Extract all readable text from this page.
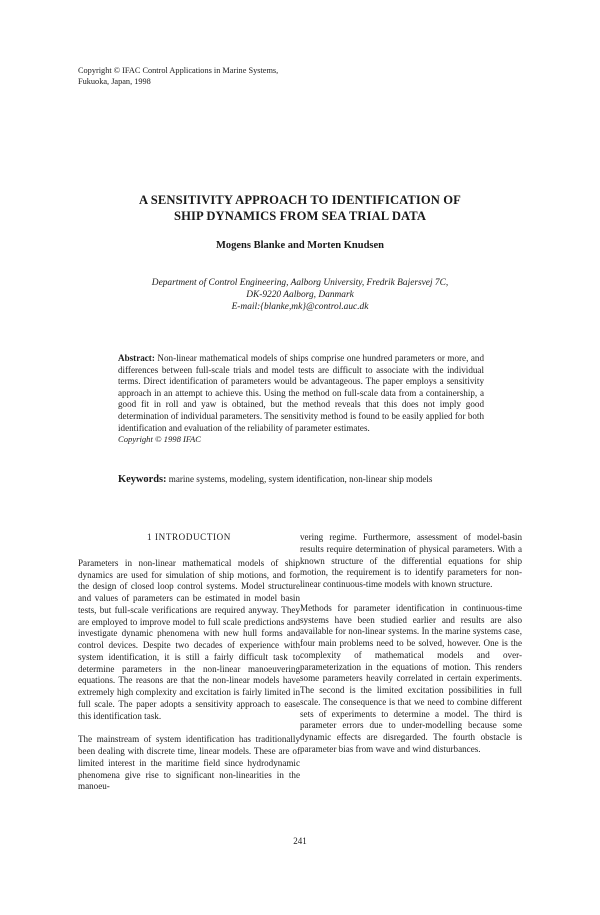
Copyright © IFAC Control Applications in Marine Systems,
Fukuoka, Japan, 1998
A SENSITIVITY APPROACH TO IDENTIFICATION OF
SHIP DYNAMICS FROM SEA TRIAL DATA
Mogens Blanke and Morten Knudsen
Department of Control Engineering, Aalborg University, Fredrik Bajersvej 7C,
DK-9220 Aalborg, Danmark
E-mail:{blanke,mk}@control.auc.dk
Abstract: Non-linear mathematical models of ships comprise one hundred parameters or more, and differences between full-scale trials and model tests are difficult to associate with the individual terms. Direct identification of parameters would be advantageous. The paper employs a sensitivity approach in an attempt to achieve this. Using the method on full-scale data from a containership, a good fit in roll and yaw is obtained, but the method reveals that this does not imply good determination of individual parameters. The sensitivity method is found to be easily applied for both identification and evaluation of the reliability of parameter estimates.
Copyright © 1998 IFAC
Keywords: marine systems, modeling, system identification, non-linear ship models
1 INTRODUCTION

Parameters in non-linear mathematical models of ship dynamics are used for simulation of ship motions, and for the design of closed loop control systems. Model structure and values of parameters can be estimated in model basin tests, but full-scale verifications are required anyway. They are employed to improve model to full scale predictions and investigate dynamic phenomena with new hull forms and control devices. Despite two decades of experience with system identification, it is still a fairly difficult task to determine parameters in the non-linear manoeuvering equations. The reasons are that the non-linear models have extremely high complexity and excitation is fairly limited in full scale. The paper adopts a sensitivity approach to ease this identification task.

The mainstream of system identification has traditionally been dealing with discrete time, linear models. These are of limited interest in the maritime field since hydrodynamic phenomena give rise to significant non-linearities in the manoeu-

vering regime. Furthermore, assessment of model-basin results require determination of physical parameters. With a known structure of the differential equations for ship motion, the requirement is to identify parameters for non-linear continuous-time models with known structure.

Methods for parameter identification in continuous-time systems have been studied earlier and results are also available for non-linear systems. In the marine systems case, four main problems need to be solved, however. One is the complexity of mathematical models and over-parameterization in the equations of motion. This renders some parameters heavily correlated in certain experiments. The second is the limited excitation possibilities in full scale. The consequence is that we need to combine different sets of experiments to determine a model. The third is parameter errors due to under-modelling because some dynamic effects are disregarded. The fourth obstacle is parameter bias from wave and wind disturbances.

241
